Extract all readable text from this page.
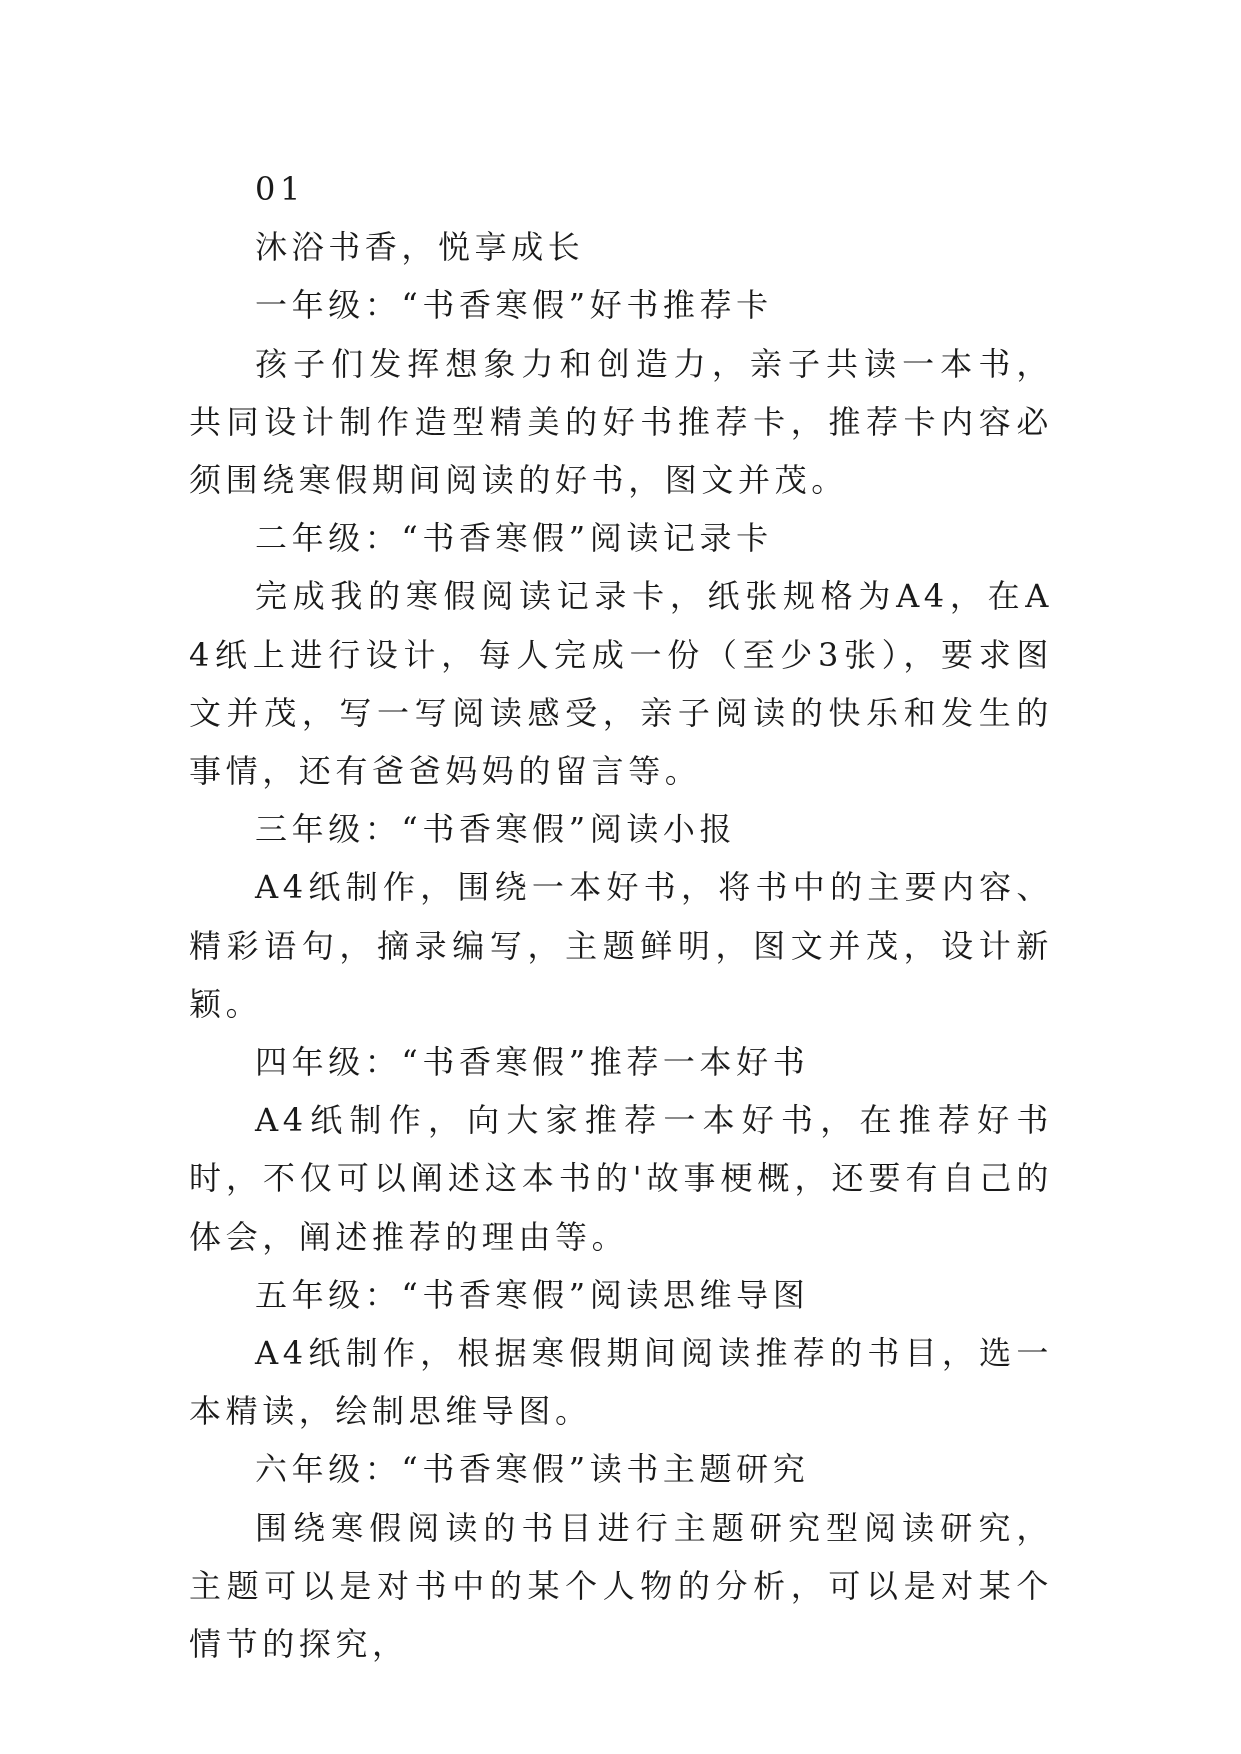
01

沐浴书香，悦享成长

一年级：“书香寒假”好书推荐卡

孩子们发挥想象力和创造力，亲子共读一本书，共同设计制作造型精美的好书推荐卡，推荐卡内容必须围绕寒假期间阅读的好书，图文并茂。

二年级：“书香寒假”阅读记录卡

完成我的寒假阅读记录卡，纸张规格为A4，在A4纸上进行设计，每人完成一份（至少3张），要求图文并茂，写一写阅读感受，亲子阅读的快乐和发生的事情，还有爸爸妈妈的留言等。

三年级：“书香寒假”阅读小报

A4纸制作，围绕一本好书，将书中的主要内容、精彩语句，摘录编写，主题鲜明，图文并茂，设计新颖。

四年级：“书香寒假”推荐一本好书

A4纸制作，向大家推荐一本好书，在推荐好书时，不仅可以阐述这本书的'故事梗概，还要有自己的体会，阐述推荐的理由等。

五年级：“书香寒假”阅读思维导图

A4纸制作，根据寒假期间阅读推荐的书目，选一本精读，绘制思维导图。

六年级：“书香寒假”读书主题研究

围绕寒假阅读的书目进行主题研究型阅读研究，主题可以是对书中的某个人物的分析，可以是对某个情节的探究，
